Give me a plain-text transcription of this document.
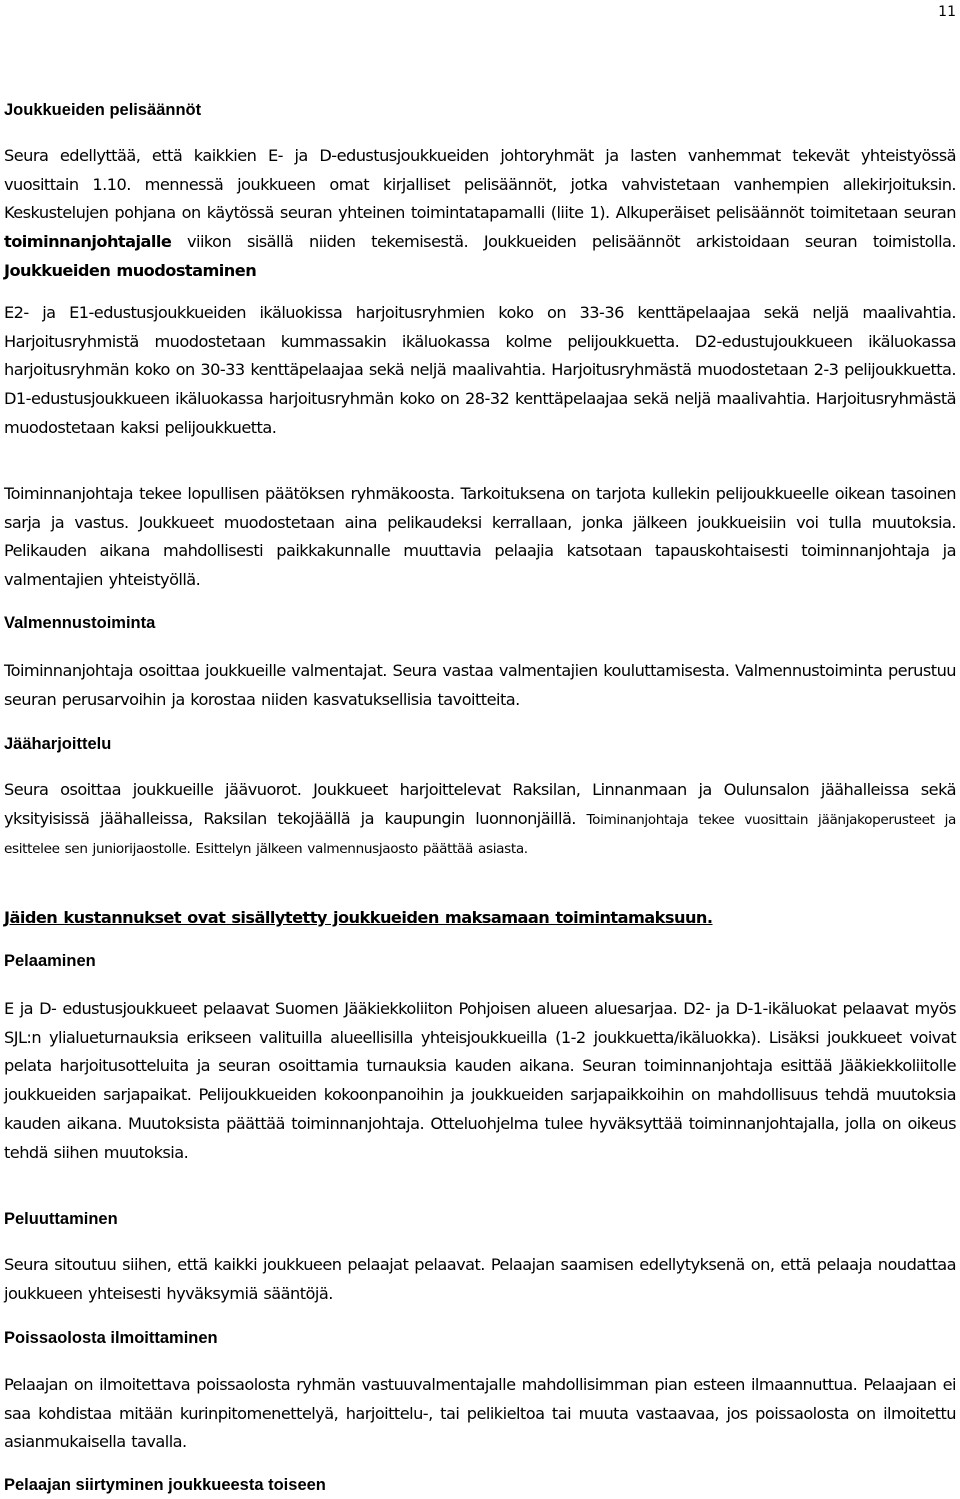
11
Joukkueiden pelisäännöt

Seura edellyttää, että kaikkien E- ja D-edustusjoukkueiden johtoryhmät ja lasten vanhemmat tekevät yhteistyössä vuosittain 1.10. mennessä joukkueen omat kirjalliset pelisäännöt, jotka vahvistetaan vanhempien allekirjoituksin. Keskustelujen pohjana on käytössä seuran yhteinen toimintatapamalli (liite 1). Alkuperäiset pelisäännöt toimitetaan seuran toiminnanjohtajalle viikon sisällä niiden tekemisestä. Joukkueiden pelisäännöt arkistoidaan seuran toimistolla. Joukkueiden muodostaminen

E2- ja E1-edustusjoukkueiden ikäluokissa harjoitusryhmien koko on 33-36 kenttäpelaajaa sekä neljä maalivahtia. Harjoitusryhmistä muodostetaan kummassakin ikäluokassa kolme pelijoukkuetta. D2-edustujoukkueen ikäluokassa harjoitusryhmän koko on 30-33 kenttäpelaajaa sekä neljä maalivahtia. Harjoitusryhmästä muodostetaan 2-3 pelijoukkuetta. D1-edustusjoukkueen ikäluokassa harjoitusryhmän koko on 28-32 kenttäpelaajaa sekä neljä maalivahtia. Harjoitusryhmästä muodostetaan kaksi pelijoukkuetta.

Toiminnanjohtaja tekee lopullisen päätöksen ryhmäkoosta. Tarkoituksena on tarjota kullekin pelijoukkueelle oikean tasoinen sarja ja vastus. Joukkueet muodostetaan aina pelikaudeksi kerrallaan, jonka jälkeen joukkueisiin voi tulla muutoksia. Pelikauden aikana mahdollisesti paikkakunnalle muuttavia pelaajia katsotaan tapauskohtaisesti toiminnanjohtaja ja valmentajien yhteistyöllä.

Valmennustoiminta

Toiminnanjohtaja osoittaa joukkueille valmentajat. Seura vastaa valmentajien kouluttamisesta. Valmennustoiminta perustuu seuran perusarvoihin ja korostaa niiden kasvatuksellisia tavoitteita.

Jääharjoittelu

Seura osoittaa joukkueille jäävuorot. Joukkueet harjoittelevat Raksilan, Linnanmaan ja Oulunsalon jäähalleissa sekä yksityisissä jäähalleissa, Raksilan tekojäällä ja kaupungin luonnonjäillä. Toiminanjohtaja tekee vuosittain jäänjakoperusteet ja esittelee sen juniorijaostolle. Esittelyn jälkeen valmennusjaosto päättää asiasta.

Jäiden kustannukset ovat sisällytetty joukkueiden maksamaan toimintamaksuun.

Pelaaminen

E ja D- edustusjoukkueet pelaavat Suomen Jääkiekkoliiton Pohjoisen alueen aluesarjaa. D2- ja D-1-ikäluokat pelaavat myös SJL:n ylialueturnauksia erikseen valituilla alueellisilla yhteisjoukkueilla (1-2 joukkuetta/ikäluokka). Lisäksi joukkueet voivat pelata harjoitusotteluita ja seuran osoittamia turnauksia kauden aikana. Seuran toiminnanjohtaja esittää Jääkiekkoliitolle joukkueiden sarjapaikat. Pelijoukkueiden kokoonpanoihin ja joukkueiden sarjapaikkoihin on mahdollisuus tehdä muutoksia kauden aikana. Muutoksista päättää toiminnanjohtaja. Otteluohjelma tulee hyväksyttää toiminnanjohtajalla, jolla on oikeus tehdä siihen muutoksia.

Peluuttaminen

Seura sitoutuu siihen, että kaikki joukkueen pelaajat pelaavat. Pelaajan saamisen edellytyksenä on, että pelaaja noudattaa joukkueen yhteisesti hyväksymiä sääntöjä.

Poissaolosta ilmoittaminen

Pelaajan on ilmoitettava poissaolosta ryhmän vastuuvalmentajalle mahdollisimman pian esteen ilmaannuttua. Pelaajaan ei saa kohdistaa mitään kurinpitomenettelyä, harjoittelu-, tai pelikieltoa tai muuta vastaavaa, jos poissaolosta on ilmoitettu asianmukaisella tavalla.

Pelaajan siirtyminen joukkueesta toiseen
